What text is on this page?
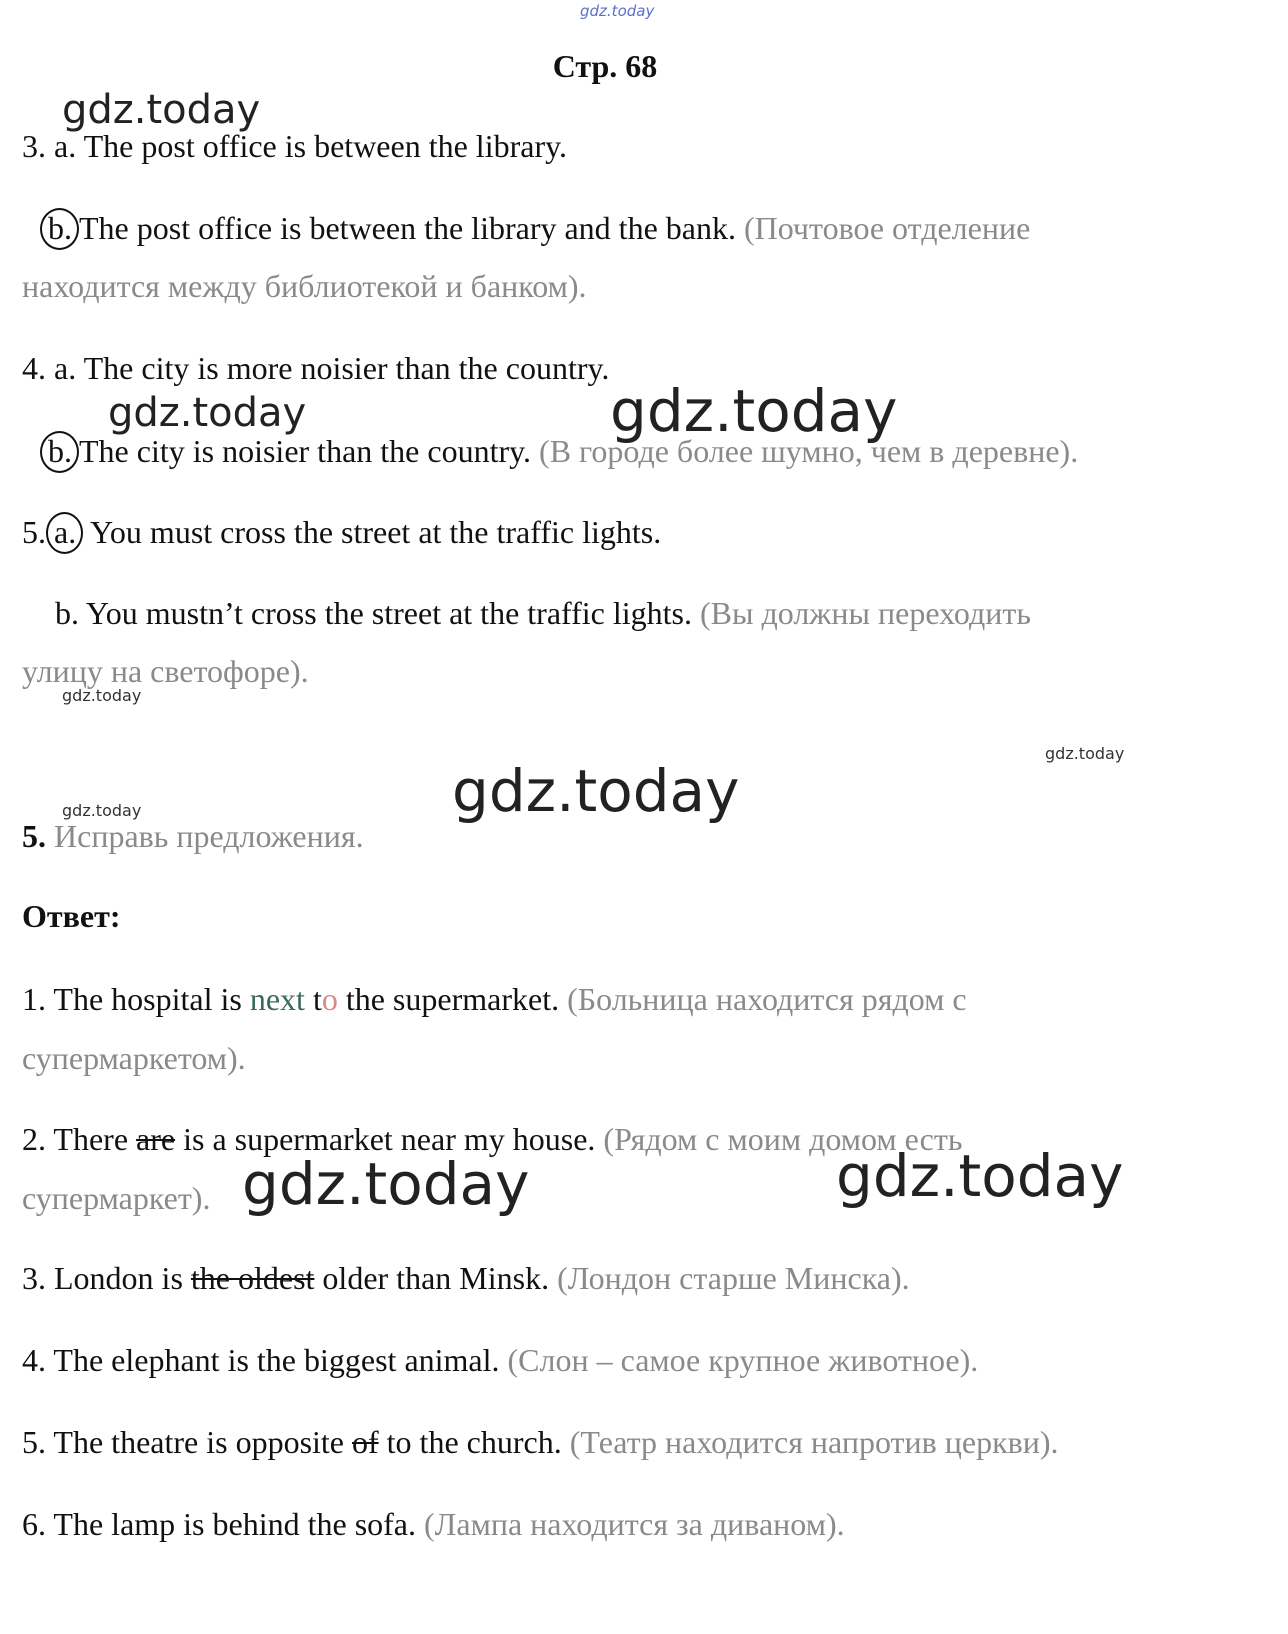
gdz.today
gdz.today
gdz.today	gdz.today
gdz.today
gdz.today
gdz.today
gdz.today
gdz.today	gdz.today
Стр. 68
3. a. The post office is between the library.
b. The post office is between the library and the bank. (Почтовое отделение
находится между библиотекой и банком).
4. a. The city is more noisier than the country.
b. The city is noisier than the country. (В городе более шумно, чем в деревне).
5. a. You must cross the street at the traffic lights.
b. You mustn’t cross the street at the traffic lights. (Вы должны переходить
улицу на светофоре).
5. Исправь предложения.
Ответ:
1. The hospital is next to the supermarket. (Больница находится рядом с
супермаркетом).
2. There are is a supermarket near my house. (Рядом с моим домом есть
супермаркет).
3. London is the oldest older than Minsk. (Лондон старше Минска).
4. The elephant is the biggest animal. (Слон – самое крупное животное).
5. The theatre is opposite of to the church. (Театр находится напротив церкви).
6. The lamp is behind the sofa. (Лампа находится за диваном).
